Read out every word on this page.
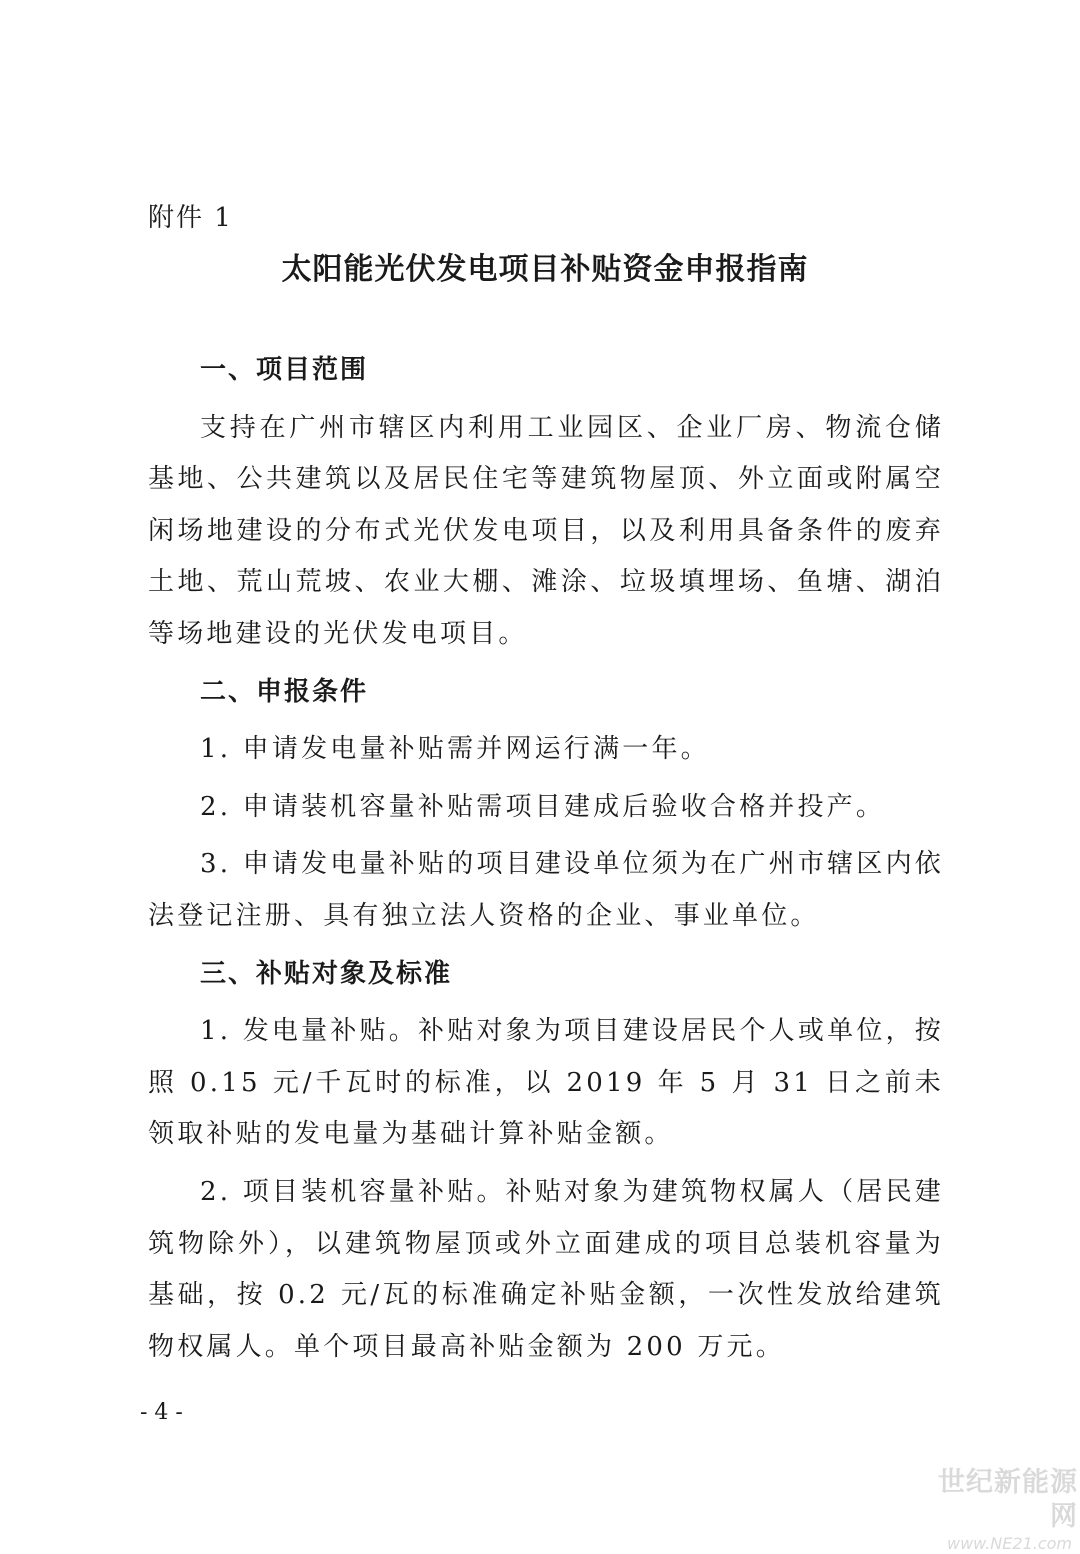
附件 1
太阳能光伏发电项目补贴资金申报指南

一、项目范围

支持在广州市辖区内利用工业园区、企业厂房、物流仓储基地、公共建筑以及居民住宅等建筑物屋顶、外立面或附属空闲场地建设的分布式光伏发电项目，以及利用具备条件的废弃土地、荒山荒坡、农业大棚、滩涂、垃圾填埋场、鱼塘、湖泊等场地建设的光伏发电项目。

二、申报条件

1. 申请发电量补贴需并网运行满一年。

2. 申请装机容量补贴需项目建成后验收合格并投产。

3. 申请发电量补贴的项目建设单位须为在广州市辖区内依法登记注册、具有独立法人资格的企业、事业单位。

三、补贴对象及标准

1. 发电量补贴。补贴对象为项目建设居民个人或单位，按照 0.15 元/千瓦时的标准，以 2019 年 5 月 31 日之前未领取补贴的发电量为基础计算补贴金额。

2. 项目装机容量补贴。补贴对象为建筑物权属人（居民建筑物除外），以建筑物屋顶或外立面建成的项目总装机容量为基础，按 0.2 元/瓦的标准确定补贴金额，一次性发放给建筑物权属人。单个项目最高补贴金额为 200 万元。

- 4 -
世纪新能源网
www.NE21.com
